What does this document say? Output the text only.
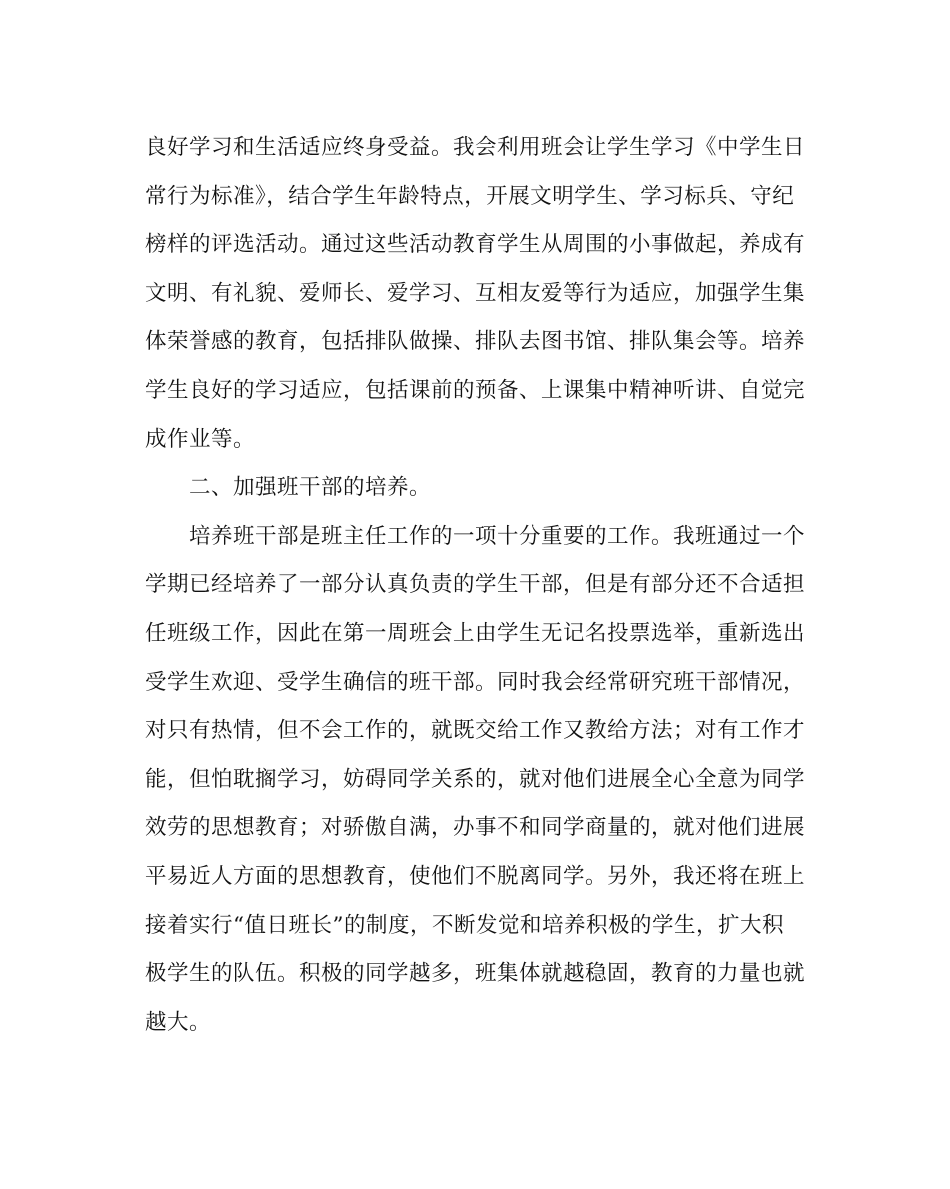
良好学习和生活适应终身受益。我会利用班会让学生学习《中学生日
常行为标准》，结合学生年龄特点，开展文明学生、学习标兵、守纪
榜样的评选活动。通过这些活动教育学生从周围的小事做起，养成有
文明、有礼貌、爱师长、爱学习、互相友爱等行为适应，加强学生集
体荣誉感的教育，包括排队做操、排队去图书馆、排队集会等。培养
学生良好的学习适应，包括课前的预备、上课集中精神听讲、自觉完
成作业等。
二、加强班干部的培养。
培养班干部是班主任工作的一项十分重要的工作。我班通过一个
学期已经培养了一部分认真负责的学生干部，但是有部分还不合适担
任班级工作，因此在第一周班会上由学生无记名投票选举，重新选出
受学生欢迎、受学生确信的班干部。同时我会经常研究班干部情况，
对只有热情，但不会工作的，就既交给工作又教给方法；对有工作才
能，但怕耽搁学习，妨碍同学关系的，就对他们进展全心全意为同学
效劳的思想教育；对骄傲自满，办事不和同学商量的，就对他们进展
平易近人方面的思想教育，使他们不脱离同学。另外，我还将在班上
接着实行“值日班长”的制度，不断发觉和培养积极的学生，扩大积
极学生的队伍。积极的同学越多，班集体就越稳固，教育的力量也就
越大。
